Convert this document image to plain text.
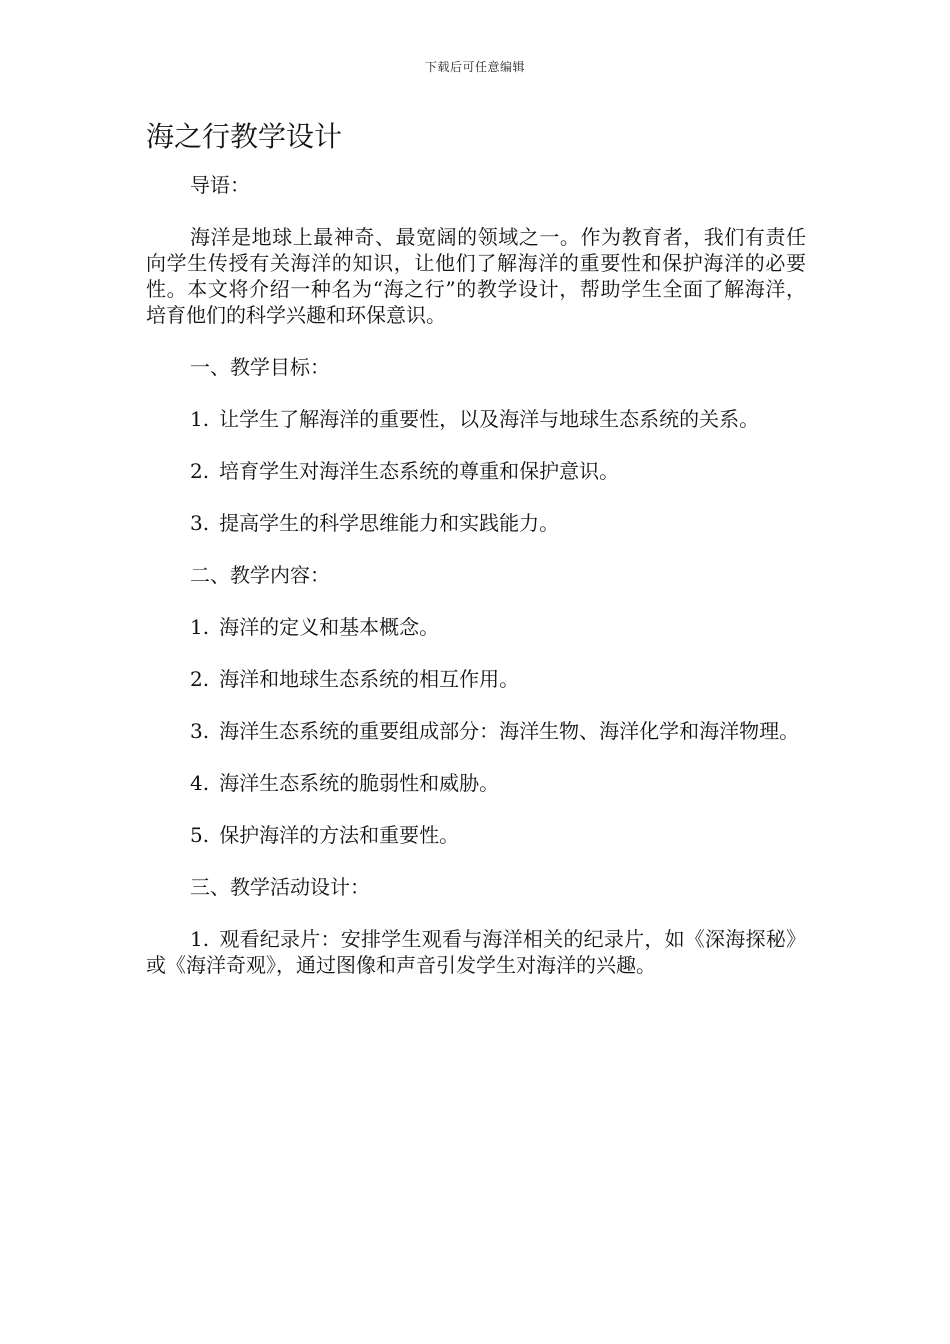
下载后可任意编辑
海之行教学设计

导语：

海洋是地球上最神奇、最宽阔的领域之一。作为教育者，我们有责任向学生传授有关海洋的知识，让他们了解海洋的重要性和保护海洋的必要性。本文将介绍一种名为“海之行”的教学设计，帮助学生全面了解海洋，培育他们的科学兴趣和环保意识。

一、教学目标：

1. 让学生了解海洋的重要性，以及海洋与地球生态系统的关系。

2. 培育学生对海洋生态系统的尊重和保护意识。

3. 提高学生的科学思维能力和实践能力。

二、教学内容：

1. 海洋的定义和基本概念。

2. 海洋和地球生态系统的相互作用。

3. 海洋生态系统的重要组成部分：海洋生物、海洋化学和海洋物理。

4. 海洋生态系统的脆弱性和威胁。

5. 保护海洋的方法和重要性。

三、教学活动设计：

1. 观看纪录片：安排学生观看与海洋相关的纪录片，如《深海探秘》或《海洋奇观》，通过图像和声音引发学生对海洋的兴趣。
